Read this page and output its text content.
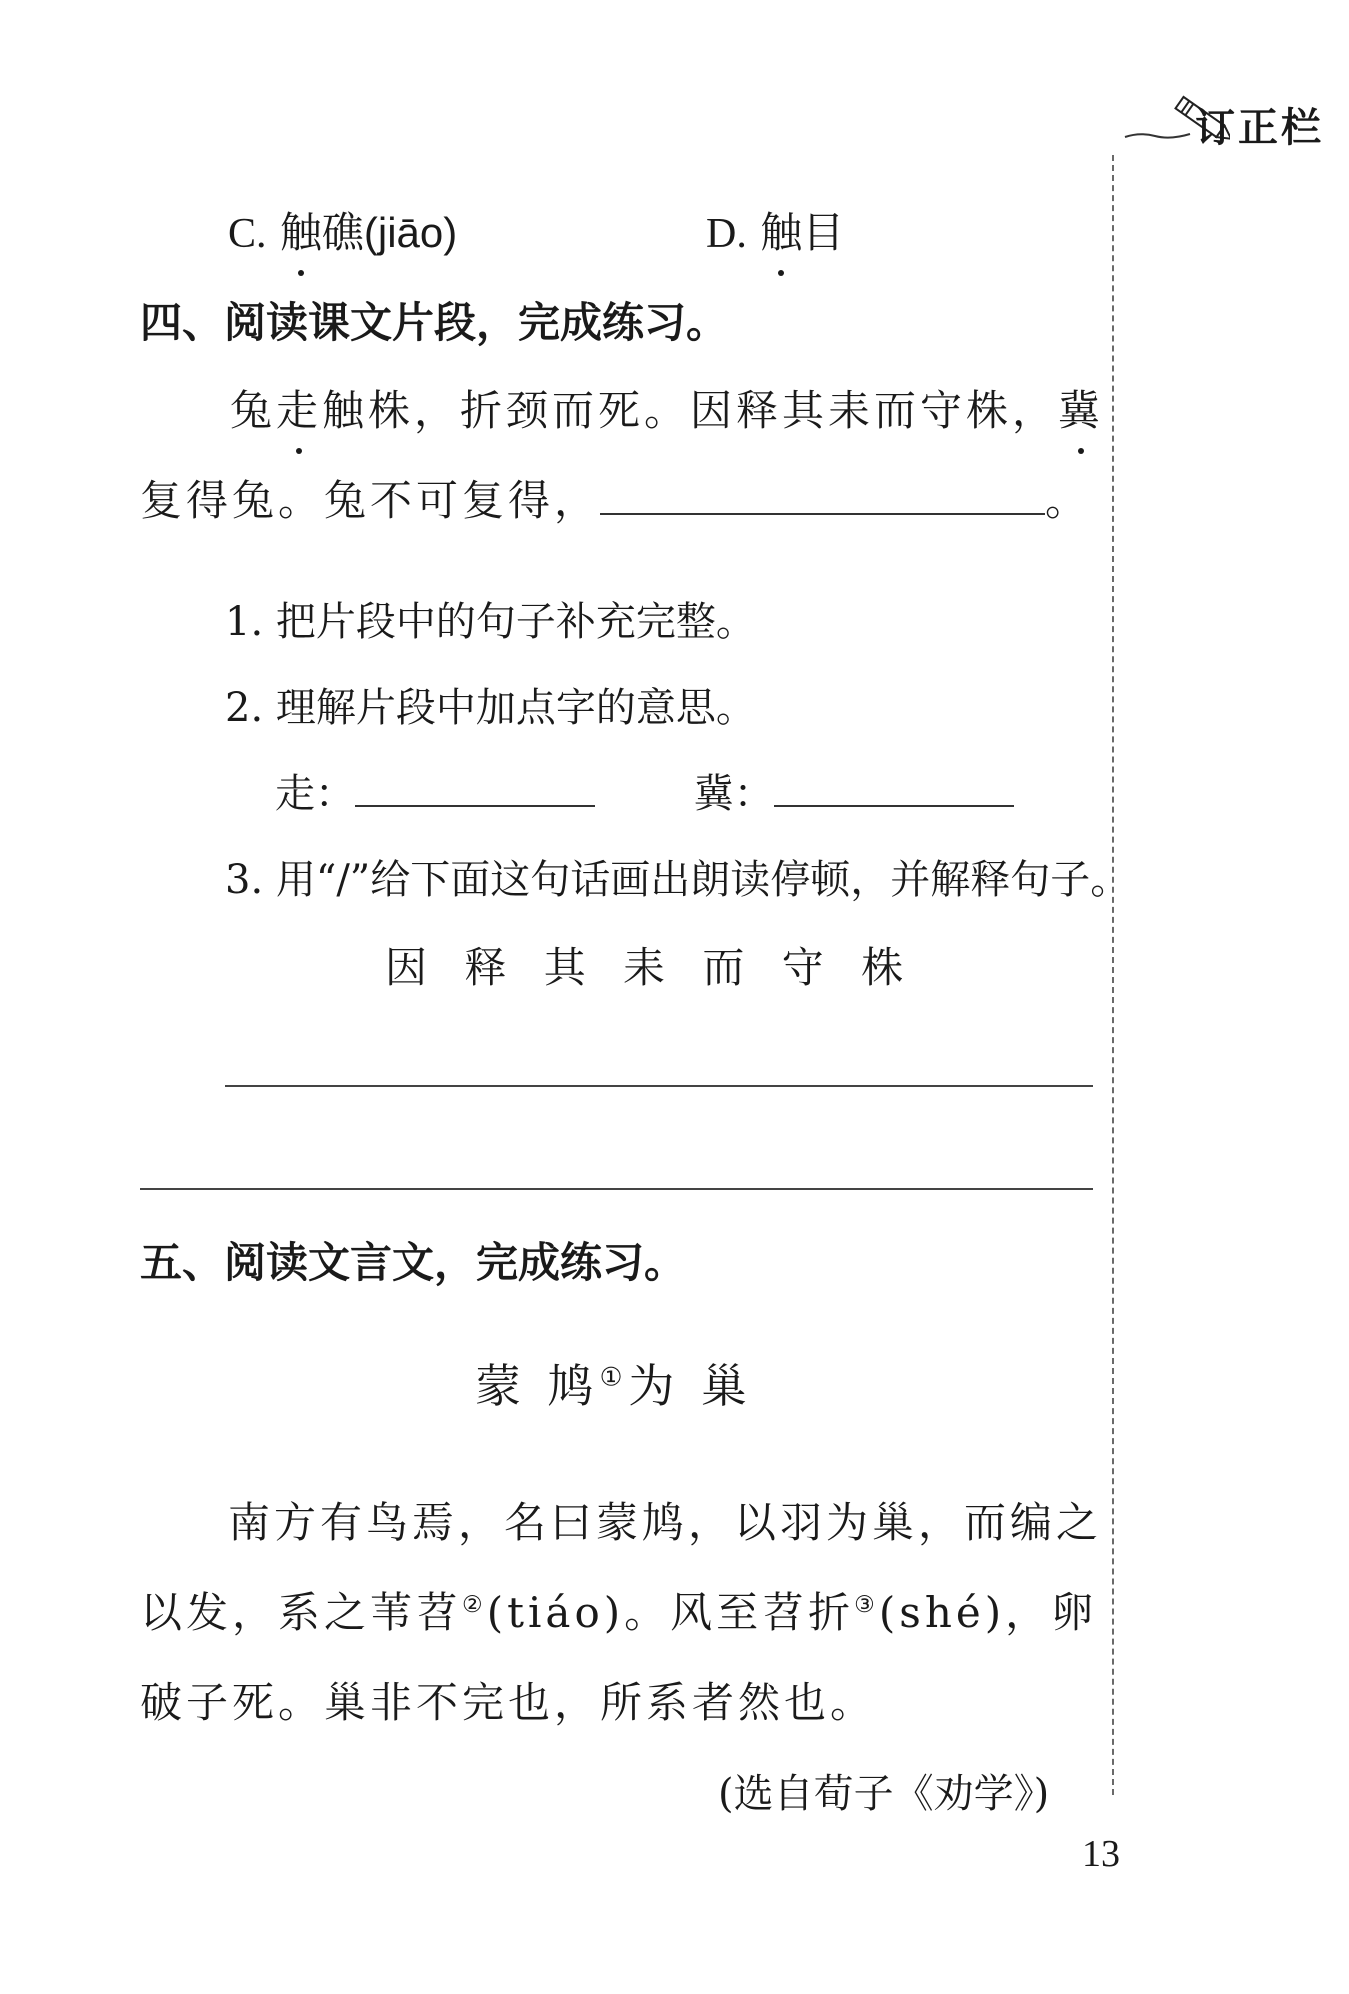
订正栏
C. 触礁(jiāo)	D. 触目
四、阅读课文片段，完成练习。
兔走触株，折颈而死。因释其耒而守株，冀
复得兔。兔不可复得，	。
1. 把片段中的句子补充完整。
2. 理解片段中加点字的意思。
走：	冀：
3. 用“/”给下面这句话画出朗读停顿，并解释句子。
因 释 其 耒 而 守 株
五、阅读文言文，完成练习。
蒙 鸠①为 巢
南方有鸟焉，名曰蒙鸠，以羽为巢，而编之
以发，系之苇苕②(tiáo)。风至苕折③(shé)，卵
破子死。巢非不完也，所系者然也。
(选自荀子《劝学》)
13
